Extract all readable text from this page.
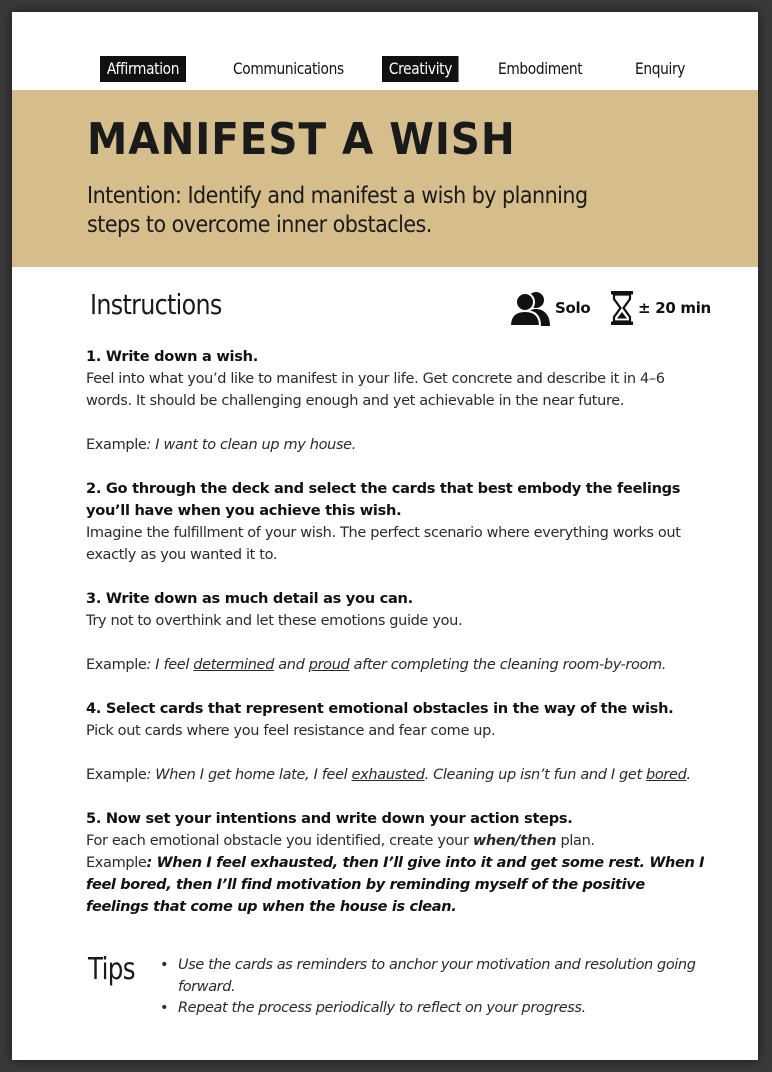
Affirmation	Communications	Creativity	Embodiment	Enquiry
MANIFEST A WISH

Intention: Identify and manifest a wish by planning steps to overcome inner obstacles.

Instructions	Solo	± 20 min

1. Write down a wish.

Feel into what you’d like to manifest in your life. Get concrete and describe it in 4–6 words. It should be challenging enough and yet achievable in the near future.

Example: I want to clean up my house.

2. Go through the deck and select the cards that best embody the feelings you’ll have when you achieve this wish.

Imagine the fulfillment of your wish. The perfect scenario where everything works out exactly as you wanted it to.

3. Write down as much detail as you can.

Try not to overthink and let these emotions guide you.

Example: I feel determined and proud after completing the cleaning room-by-room.

4. Select cards that represent emotional obstacles in the way of the wish.

Pick out cards where you feel resistance and fear come up.

Example: When I get home late, I feel exhausted. Cleaning up isn’t fun and I get bored.

5. Now set your intentions and write down your action steps.

For each emotional obstacle you identified, create your when/then plan.

Example: When I feel exhausted, then I’ll give into it and get some rest. When I feel bored, then I’ll find motivation by reminding myself of the positive feelings that come up when the house is clean.

Tips
•	Use the cards as reminders to anchor your motivation and resolution going forward.
• Repeat the process periodically to reflect on your progress.
